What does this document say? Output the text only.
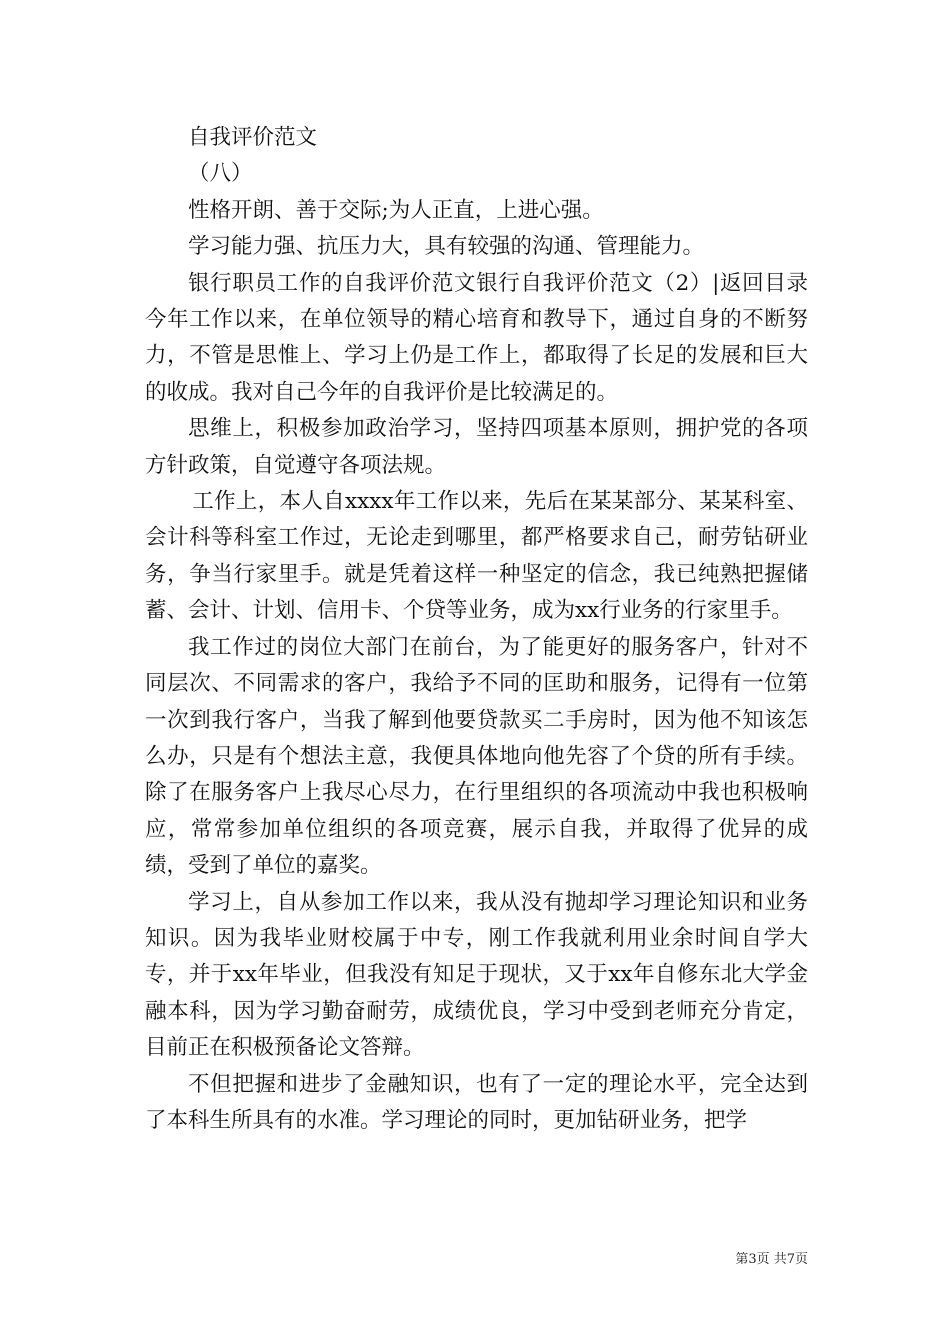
自我评价范文

（八）

性格开朗、善于交际;为人正直，上进心强。

学习能力强、抗压力大，具有较强的沟通、管理能力。

银行职员工作的自我评价范文银行自我评价范文（2）|返回目录今年工作以来，在单位领导的精心培育和教导下，通过自身的不断努力，不管是思惟上、学习上仍是工作上，都取得了长足的发展和巨大的收成。我对自己今年的自我评价是比较满足的。

思维上，积极参加政治学习，坚持四项基本原则，拥护党的各项方针政策，自觉遵守各项法规。

工作上，本人自xxxx年工作以来，先后在某某部分、某某科室、会计科等科室工作过，无论走到哪里，都严格要求自己，耐劳钻研业务，争当行家里手。就是凭着这样一种坚定的信念，我已纯熟把握储蓄、会计、计划、信用卡、个贷等业务，成为xx行业务的行家里手。

我工作过的岗位大部门在前台，为了能更好的服务客户，针对不同层次、不同需求的客户，我给予不同的匡助和服务，记得有一位第一次到我行客户，当我了解到他要贷款买二手房时，因为他不知该怎么办，只是有个想法主意，我便具体地向他先容了个贷的所有手续。除了在服务客户上我尽心尽力，在行里组织的各项流动中我也积极响应，常常参加单位组织的各项竞赛，展示自我，并取得了优异的成绩，受到了单位的嘉奖。

学习上，自从参加工作以来，我从没有抛却学习理论知识和业务知识。因为我毕业财校属于中专，刚工作我就利用业余时间自学大专，并于xx年毕业，但我没有知足于现状，又于xx年自修东北大学金融本科，因为学习勤奋耐劳，成绩优良，学习中受到老师充分肯定，目前正在积极预备论文答辩。

不但把握和进步了金融知识，也有了一定的理论水平，完全达到了本科生所具有的水准。学习理论的同时，更加钻研业务，把学

第3页 共7页
